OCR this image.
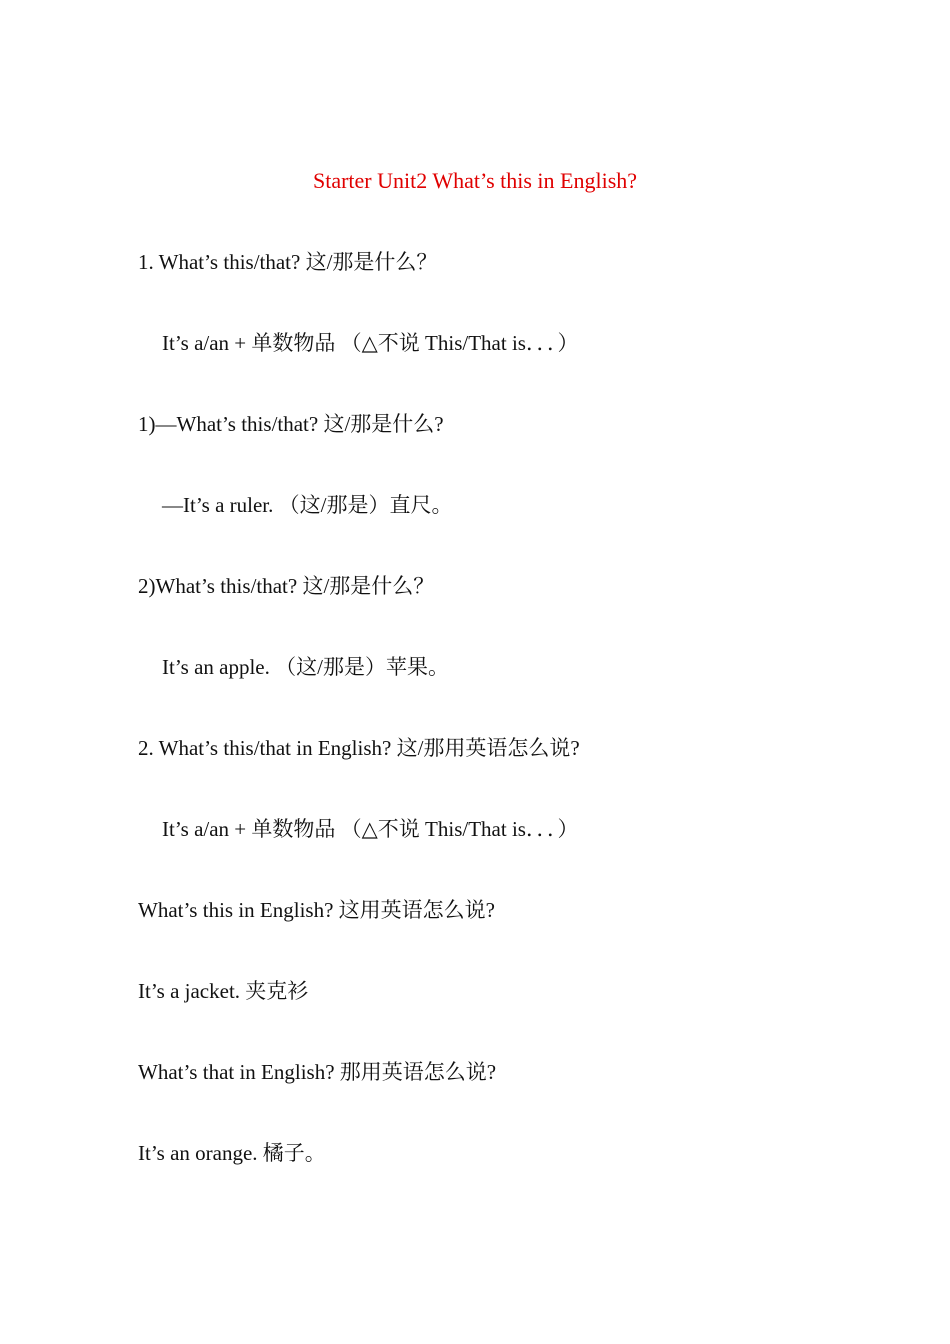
Starter Unit2 What’s this in English?
1. What’s this/that? 这/那是什么？
It’s a/an + 单数物品 （△不说 This/That is．．．）
1)—What’s this/that? 这/那是什么?
—It’s a ruler. （这/那是）直尺。
2)What’s this/that? 这/那是什么？
It’s an apple. （这/那是）苹果。
2. What’s this/that in English? 这/那用英语怎么说?
It’s a/an + 单数物品 （△不说 This/That is．．．）
What’s this in English? 这用英语怎么说?
It’s a jacket. 夹克衫
What’s that in English? 那用英语怎么说?
It’s an orange. 橘子。
